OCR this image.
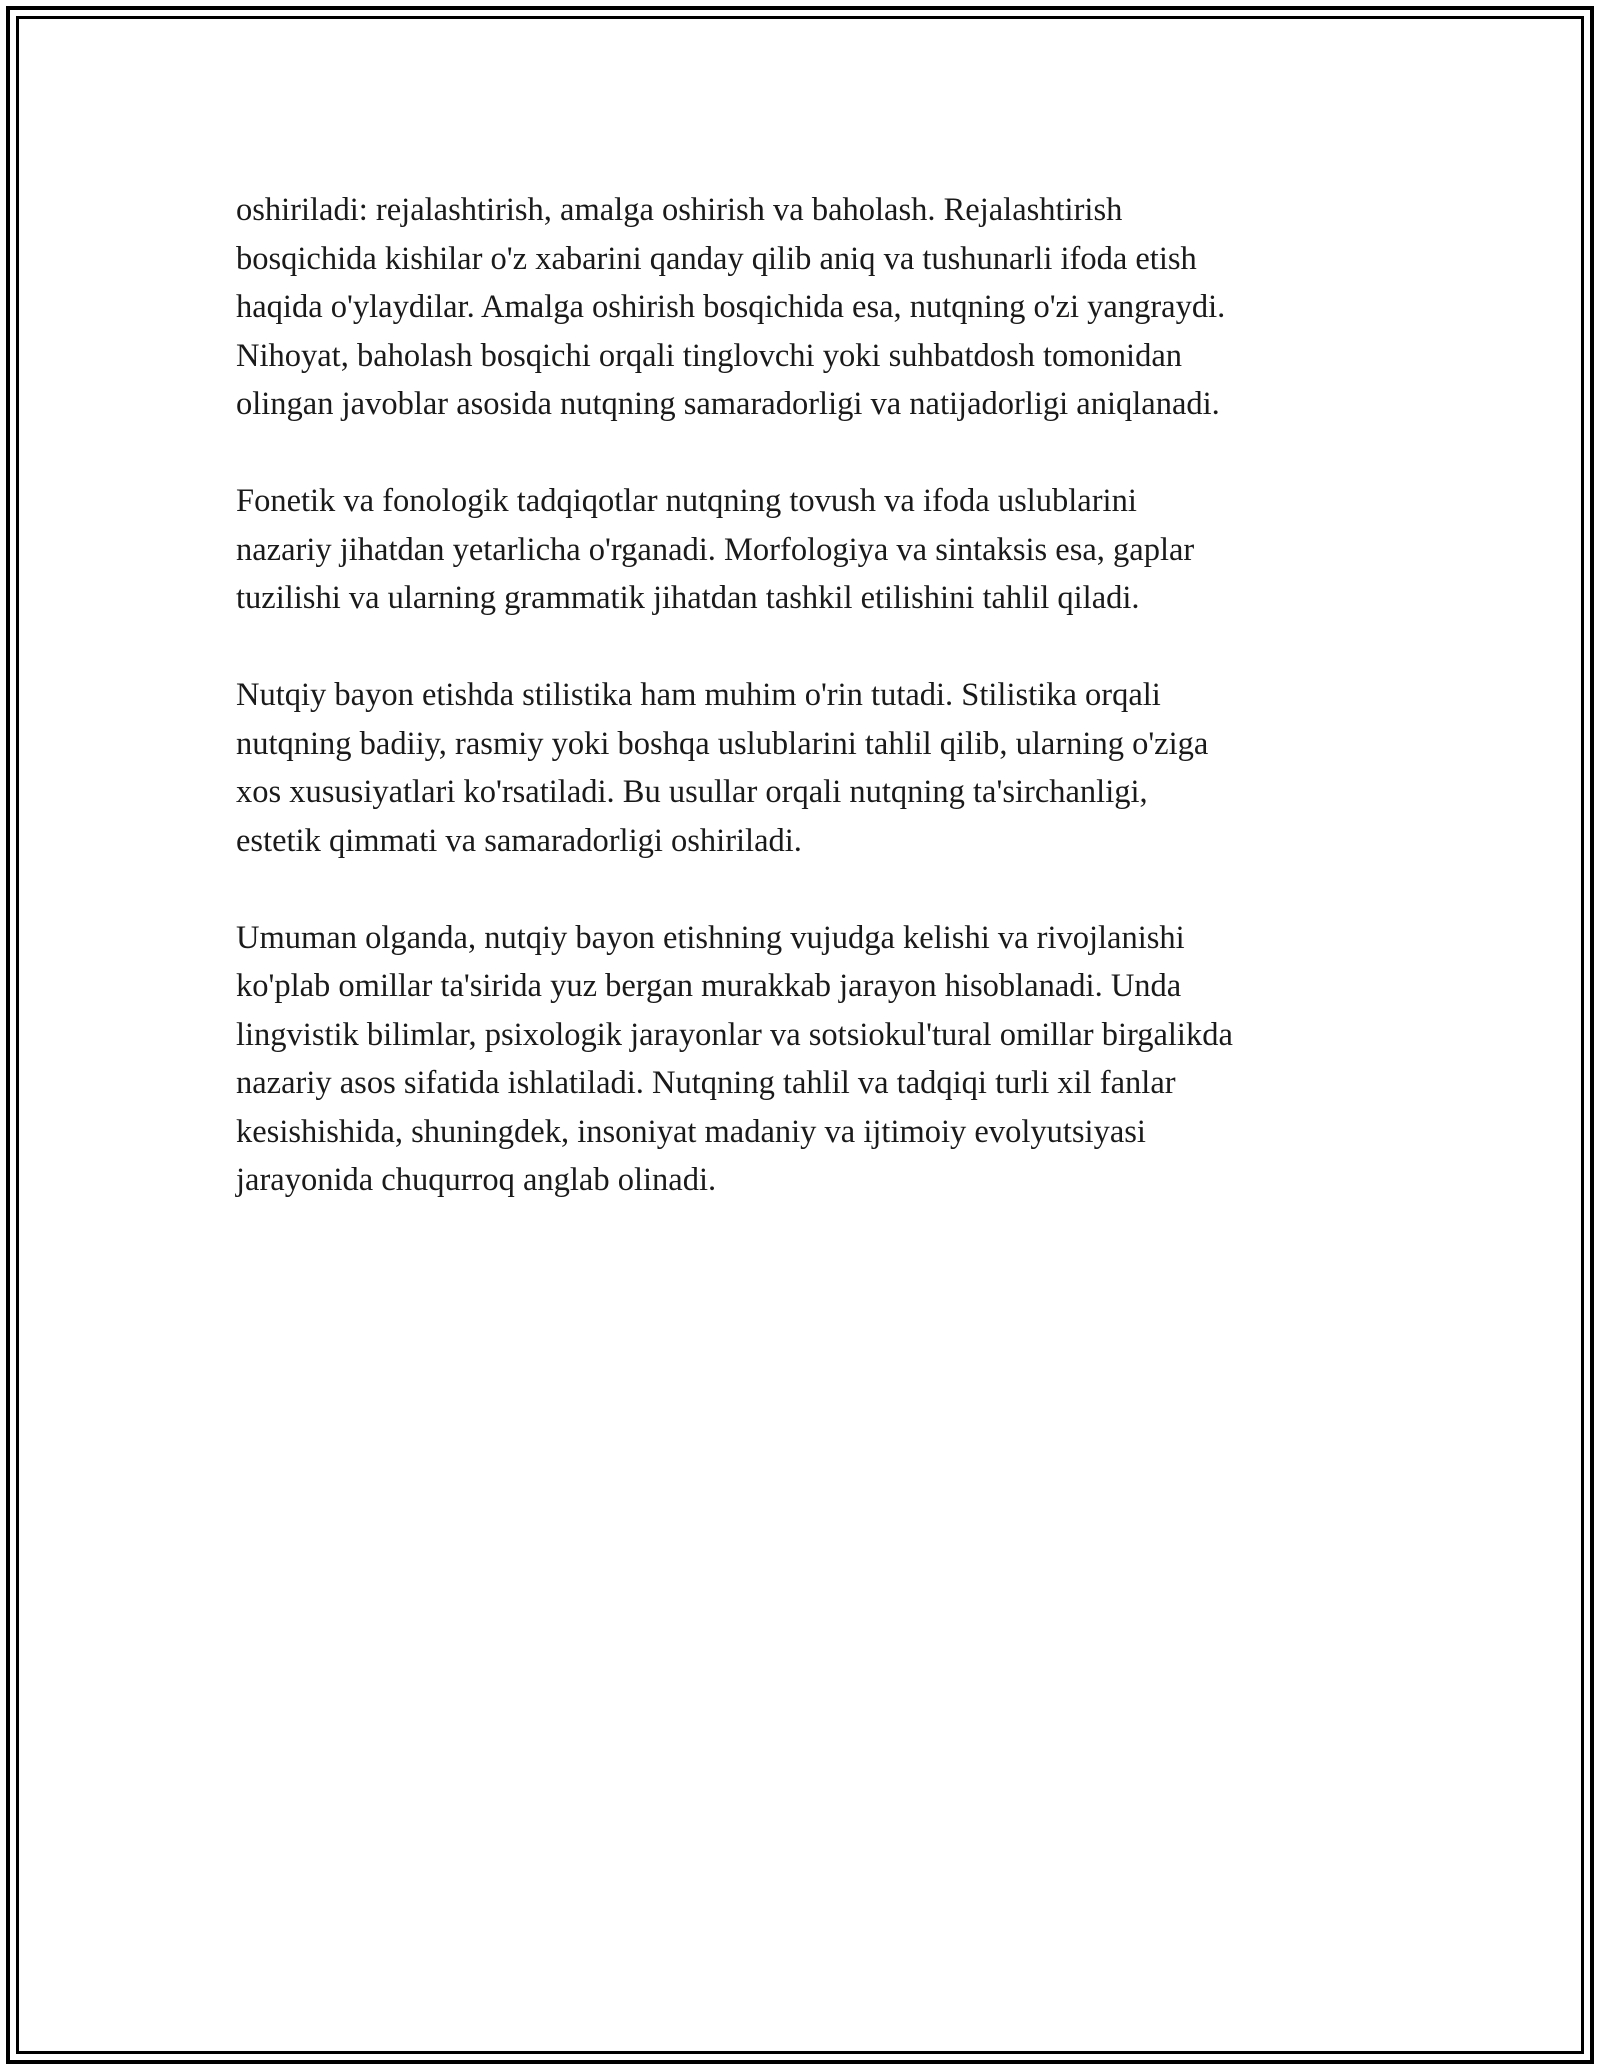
oshiriladi: rejalashtirish, amalga oshirish va baholash. Rejalashtirish
bosqichida kishilar o'z xabarini qanday qilib aniq va tushunarli ifoda etish
haqida o'ylaydilar. Amalga oshirish bosqichida esa, nutqning o'zi yangraydi.
Nihoyat, baholash bosqichi orqali tinglovchi yoki suhbatdosh tomonidan
olingan javoblar asosida nutqning samaradorligi va natijadorligi aniqlanadi.

Fonetik va fonologik tadqiqotlar nutqning tovush va ifoda uslublarini
nazariy jihatdan yetarlicha o'rganadi. Morfologiya va sintaksis esa, gaplar
tuzilishi va ularning grammatik jihatdan tashkil etilishini tahlil qiladi.

Nutqiy bayon etishda stilistika ham muhim o'rin tutadi. Stilistika orqali
nutqning badiiy, rasmiy yoki boshqa uslublarini tahlil qilib, ularning o'ziga
xos xususiyatlari ko'rsatiladi. Bu usullar orqali nutqning ta'sirchanligi,
estetik qimmati va samaradorligi oshiriladi.

Umuman olganda, nutqiy bayon etishning vujudga kelishi va rivojlanishi
ko'plab omillar ta'sirida yuz bergan murakkab jarayon hisoblanadi. Unda
lingvistik bilimlar, psixologik jarayonlar va sotsiokul'tural omillar birgalikda
nazariy asos sifatida ishlatiladi. Nutqning tahlil va tadqiqi turli xil fanlar
kesishishida, shuningdek, insoniyat madaniy va ijtimoiy evolyutsiyasi
jarayonida chuqurroq anglab olinadi.
